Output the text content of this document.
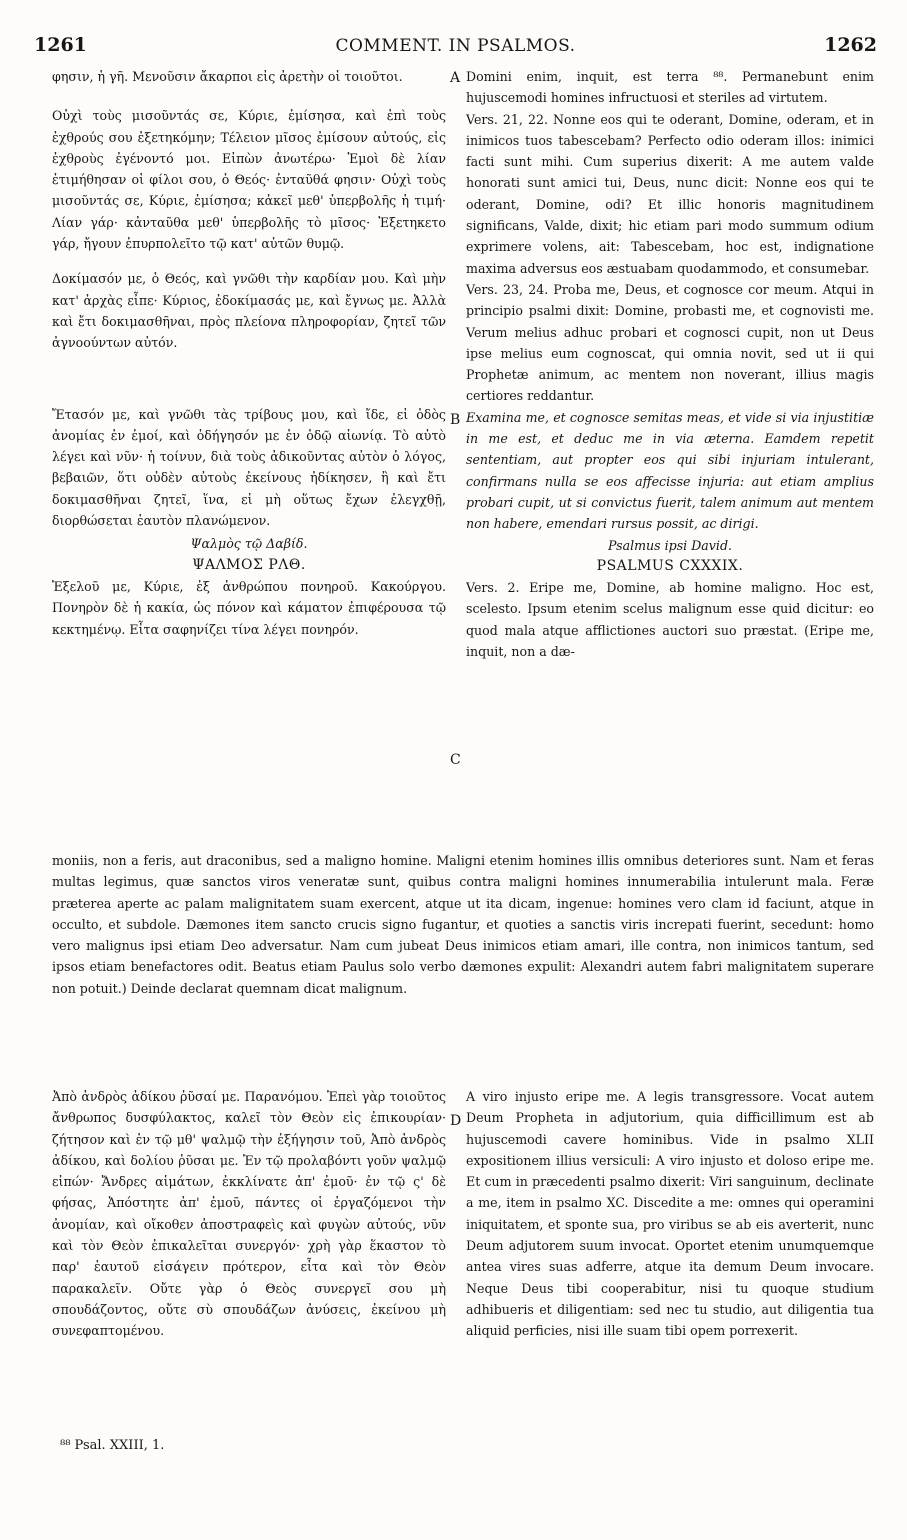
1261	COMMENT. IN PSALMOS.	1262
A
B
C
D

φησιν, ἡ γῆ. Μενοῦσιν ἄκαρποι εἰς ἀρετὴν οἱ τοιοῦτοι.

Οὐχὶ τοὺς μισοῦντάς σε, Κύριε, ἐμίσησα, καὶ ἐπὶ τοὺς ἐχθρούς σου ἐξετηκόμην; Τέλειον μῖσος ἐμίσουν αὐτούς, εἰς ἐχθροὺς ἐγένοντό μοι. Εἰπὼν ἀνωτέρω· Ἐμοὶ δὲ λίαν ἐτιμήθησαν οἱ φίλοι σου, ὁ Θεός· ἐνταῦθά φησιν· Οὐχὶ τοὺς μισοῦντάς σε, Κύριε, ἐμίσησα; κἀκεῖ μεθ' ὑπερβολῆς ἡ τιμή· Λίαν γάρ· κἀνταῦθα μεθ' ὑπερβολῆς τὸ μῖσος· Ἐξετηκετο γάρ, ἤγουν ἐπυρπολεῖτο τῷ κατ' αὐτῶν θυμῷ.

Δοκίμασόν με, ὁ Θεός, καὶ γνῶθι τὴν καρδίαν μου. Καὶ μὴν κατ' ἀρχὰς εἶπε· Κύριος, ἐδοκίμασάς με, καὶ ἔγνως με. Ἀλλὰ καὶ ἔτι δοκιμασθῆναι, πρὸς πλείονα πληροφορίαν, ζητεῖ τῶν ἀγνοούντων αὐτόν.

Ἔτασόν με, καὶ γνῶθι τὰς τρίβους μου, καὶ ἴδε, εἰ ὁδὸς ἀνομίας ἐν ἐμοί, καὶ ὁδήγησόν με ἐν ὁδῷ αἰωνίᾳ. Τὸ αὐτὸ λέγει καὶ νῦν· ἡ τοίνυν, διὰ τοὺς ἀδικοῦντας αὐτὸν ὁ λόγος, βεβαιῶν, ὅτι οὐδὲν αὐτοὺς ἐκείνους ἠδίκησεν, ἢ καὶ ἔτι δοκιμασθῆναι ζητεῖ, ἵνα, εἰ μὴ οὕτως ἔχων ἐλεγχθῇ, διορθώσεται ἑαυτὸν πλανώμενον.

Ψαλμὸς τῷ Δαβίδ.

ΨΑΛΜΟΣ ΡΛΘ.

Ἐξελοῦ με, Κύριε, ἐξ ἀνθρώπου πονηροῦ. Κακούργου. Πονηρὸν δὲ ἡ κακία, ὡς πόνον καὶ κάματον ἐπιφέρουσα τῷ κεκτημένῳ. Εἶτα σαφηνίζει τίνα λέγει πονηρόν.

Domini enim, inquit, est terra ⁸⁸. Permanebunt enim hujuscemodi homines infructuosi et steriles ad virtutem.

Vers. 21, 22. Nonne eos qui te oderant, Domine, oderam, et in inimicos tuos tabescebam? Perfecto odio oderam illos: inimici facti sunt mihi. Cum superius dixerit: A me autem valde honorati sunt amici tui, Deus, nunc dicit: Nonne eos qui te oderant, Domine, odi? Et illic honoris magnitudinem significans, Valde, dixit; hic etiam pari modo summum odium exprimere volens, ait: Tabescebam, hoc est, indignatione maxima adversus eos æstuabam quodammodo, et consumebar.

Vers. 23, 24. Proba me, Deus, et cognosce cor meum. Atqui in principio psalmi dixit: Domine, probasti me, et cognovisti me. Verum melius adhuc probari et cognosci cupit, non ut Deus ipse melius eum cognoscat, qui omnia novit, sed ut ii qui Prophetæ animum, ac mentem non noverant, illius magis certiores reddantur.

Examina me, et cognosce semitas meas, et vide si via injustitiæ in me est, et deduc me in via æterna. Eamdem repetit sententiam, aut propter eos qui sibi injuriam intulerant, confirmans nulla se eos affecisse injuria: aut etiam amplius probari cupit, ut si convictus fuerit, talem animum aut mentem non habere, emendari rursus possit, ac dirigi.

Psalmus ipsi David.

PSALMUS CXXXIX.

Vers. 2. Eripe me, Domine, ab homine maligno. Hoc est, scelesto. Ipsum etenim scelus malignum esse quid dicitur: eo quod mala atque afflictiones auctori suo præstat. (Eripe me, inquit, non a dæ-

moniis, non a feris, aut draconibus, sed a maligno homine. Maligni etenim homines illis omnibus deteriores sunt. Nam et feras multas legimus, quæ sanctos viros veneratæ sunt, quibus contra maligni homines innumerabilia intulerunt mala. Feræ præterea aperte ac palam malignitatem suam exercent, atque ut ita dicam, ingenue: homines vero clam id faciunt, atque in occulto, et subdole. Dæmones item sancto crucis signo fugantur, et quoties a sanctis viris increpati fuerint, secedunt: homo vero malignus ipsi etiam Deo adversatur. Nam cum jubeat Deus inimicos etiam amari, ille contra, non inimicos tantum, sed ipsos etiam benefactores odit. Beatus etiam Paulus solo verbo dæmones expulit: Alexandri autem fabri malignitatem superare non potuit.) Deinde declarat quemnam dicat malignum.

Ἀπὸ ἀνδρὸς ἀδίκου ῥῦσαί με. Παρανόμου. Ἐπεὶ γὰρ τοιοῦτος ἄνθρωπος δυσφύλακτος, καλεῖ τὸν Θεὸν εἰς ἐπικουρίαν· ζήτησον καὶ ἐν τῷ μθ' ψαλμῷ τὴν ἐξήγησιν τοῦ, Ἀπὸ ἀνδρὸς ἀδίκου, καὶ δολίου ῥῦσαι με. Ἐν τῷ προλαβόντι γοῦν ψαλμῷ εἰπών· Ἄνδρες αἱμάτων, ἐκκλίνατε ἀπ' ἐμοῦ· ἐν τῷ ς' δὲ φήσας, Ἀπόστητε ἀπ' ἐμοῦ, πάντες οἱ ἐργαζόμενοι τὴν ἀνομίαν, καὶ οἴκοθεν ἀποστραφεὶς καὶ φυγὼν αὐτούς, νῦν καὶ τὸν Θεὸν ἐπικαλεῖται συνεργόν· χρὴ γὰρ ἕκαστον τὸ παρ' ἑαυτοῦ εἰσάγειν πρότερον, εἶτα καὶ τὸν Θεὸν παρακαλεῖν. Οὔτε γὰρ ὁ Θεὸς συνεργεῖ σου μὴ σπουδάζοντος, οὔτε σὺ σπουδάζων ἀνύσεις, ἐκείνου μὴ συνεφαπτομένου.

A viro injusto eripe me. A legis transgressore. Vocat autem Deum Propheta in adjutorium, quia difficillimum est ab hujuscemodi cavere hominibus. Vide in psalmo XLII expositionem illius versiculi: A viro injusto et doloso eripe me. Et cum in præcedenti psalmo dixerit: Viri sanguinum, declinate a me, item in psalmo XC. Discedite a me: omnes qui operamini iniquitatem, et sponte sua, pro viribus se ab eis averterit, nunc Deum adjutorem suum invocat. Oportet etenim unumquemque antea vires suas adferre, atque ita demum Deum invocare. Neque Deus tibi cooperabitur, nisi tu quoque studium adhibueris et diligentiam: sed nec tu studio, aut diligentia tua aliquid perficies, nisi ille suam tibi opem porrexerit.

⁸⁸ Psal. XXIII, 1.
